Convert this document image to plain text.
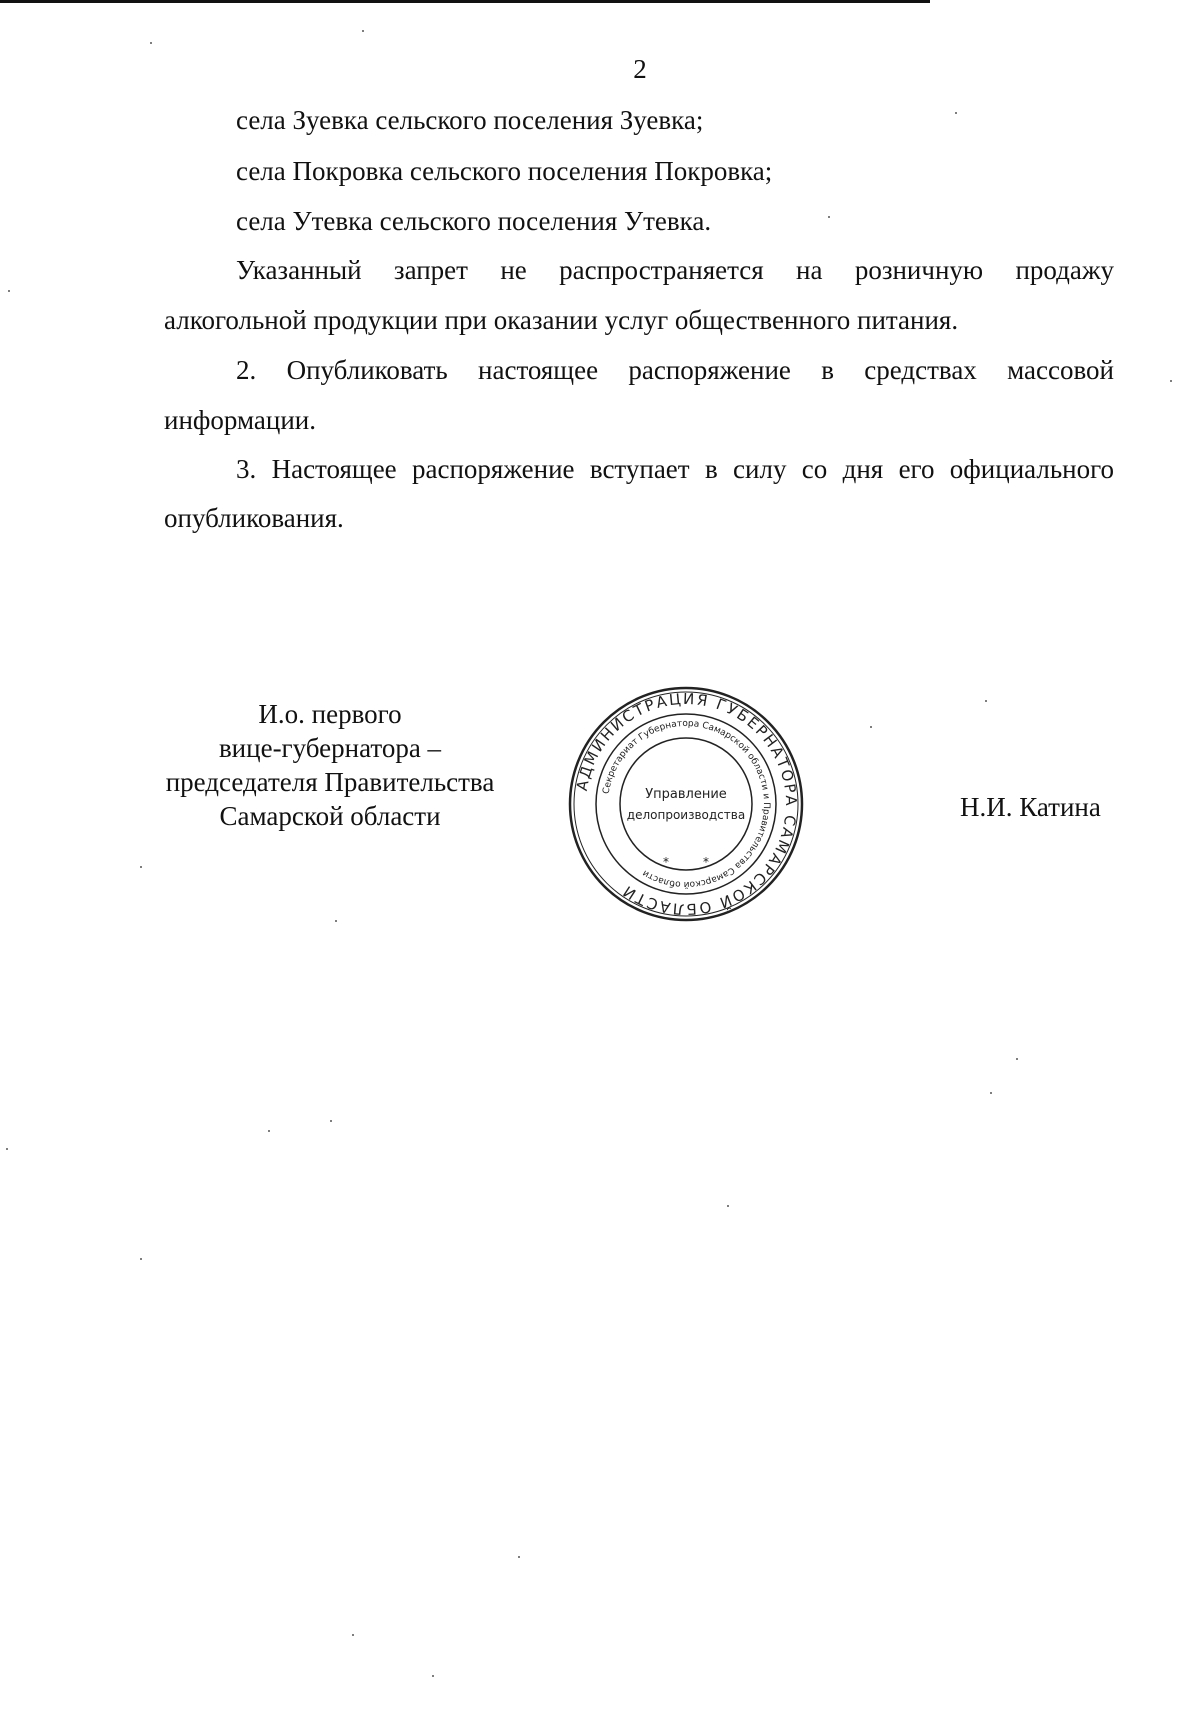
2
села Зуевка сельского поселения Зуевка;
села Покровка сельского поселения Покровка;
села Утевка сельского поселения Утевка.
Указанный запрет не распространяется на розничную продажу
алкогольной продукции при оказании услуг общественного питания.
2. Опубликовать настоящее распоряжение в средствах массовой
информации.
3. Настоящее распоряжение вступает в силу со дня его официального
опубликования.
И.о. первого
вице-губернатора –
председателя Правительства
Самарской области
АДМИНИСТРАЦИЯ ГУБЕРНАТОРА САМАРСКОЙ ОБЛАСТИ
Секретариат Губернатора Самарской области и Правительства Самарской области
Управление
делопроизводства
*	*
Н.И. Катина
